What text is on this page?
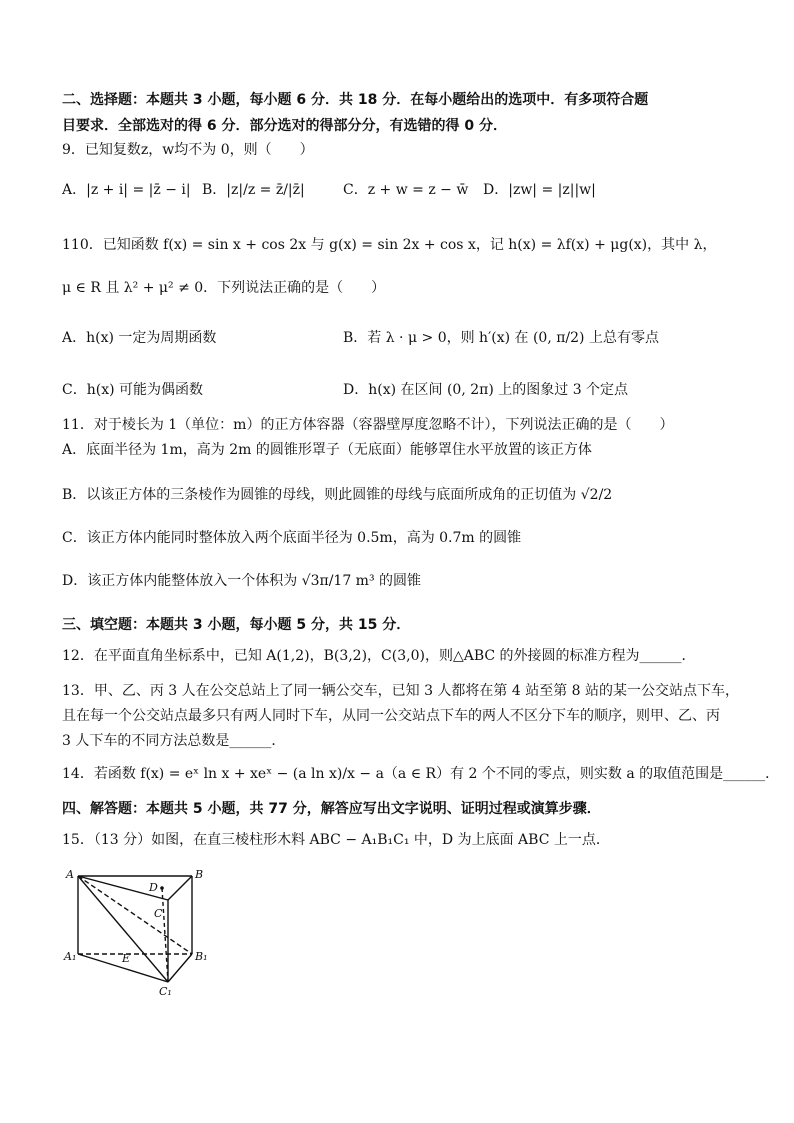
二、选择题：本题共 3 小题，每小题 6 分．共 18 分．在每小题给出的选项中．有多项符合题
目要求．全部选对的得 6 分．部分选对的得部分分，有选错的得 0 分．
9．已知复数z，w均不为 0，则（　　）
A．|z + i| = |z̄ − i| B．|z|/z = z̄/|z̄|	C．z + w = z − w̄ D．|zw| = |z||w|
110．已知函数 f(x) = sin x + cos 2x 与 g(x) = sin 2x + cos x，记 h(x) = λf(x) + μg(x)，其中 λ，
μ ∈ R 且 λ² + μ² ≠ 0．下列说法正确的是（　　）
A．h(x) 一定为周期函数	B．若 λ · μ > 0，则 h′(x) 在 (0, π/2) 上总有零点
C．h(x) 可能为偶函数	D．h(x) 在区间 (0, 2π) 上的图象过 3 个定点
11．对于棱长为 1（单位：m）的正方体容器（容器壁厚度忽略不计），下列说法正确的是（　　）
A．底面半径为 1m，高为 2m 的圆锥形罩子（无底面）能够罩住水平放置的该正方体
B．以该正方体的三条棱作为圆锥的母线，则此圆锥的母线与底面所成角的正切值为 √2/2
C．该正方体内能同时整体放入两个底面半径为 0.5m，高为 0.7m 的圆锥
D．该正方体内能整体放入一个体积为 √3π/17 m³ 的圆锥
三、填空题：本题共 3 小题，每小题 5 分，共 15 分．
12．在平面直角坐标系中，已知 A(1,2)，B(3,2)，C(3,0)，则△ABC 的外接圆的标准方程为______．
13．甲、乙、丙 3 人在公交总站上了同一辆公交车，已知 3 人都将在第 4 站至第 8 站的某一公交站点下车，
且在每一个公交站点最多只有两人同时下车，从同一公交站点下车的两人不区分下车的顺序，则甲、乙、丙
3 人下车的不同方法总数是______．
14．若函数 f(x) = eˣ ln x + xeˣ − (a ln x)/x − a（a ∈ R）有 2 个不同的零点，则实数 a 的取值范围是______．
四、解答题：本题共 5 小题，共 77 分，解答应写出文字说明、证明过程或演算步骤．
15．（13 分）如图，在直三棱柱形木料 ABC − A₁B₁C₁ 中，D 为上底面 ABC 上一点．
A	B
C
D
E
A₁	B₁
C₁
